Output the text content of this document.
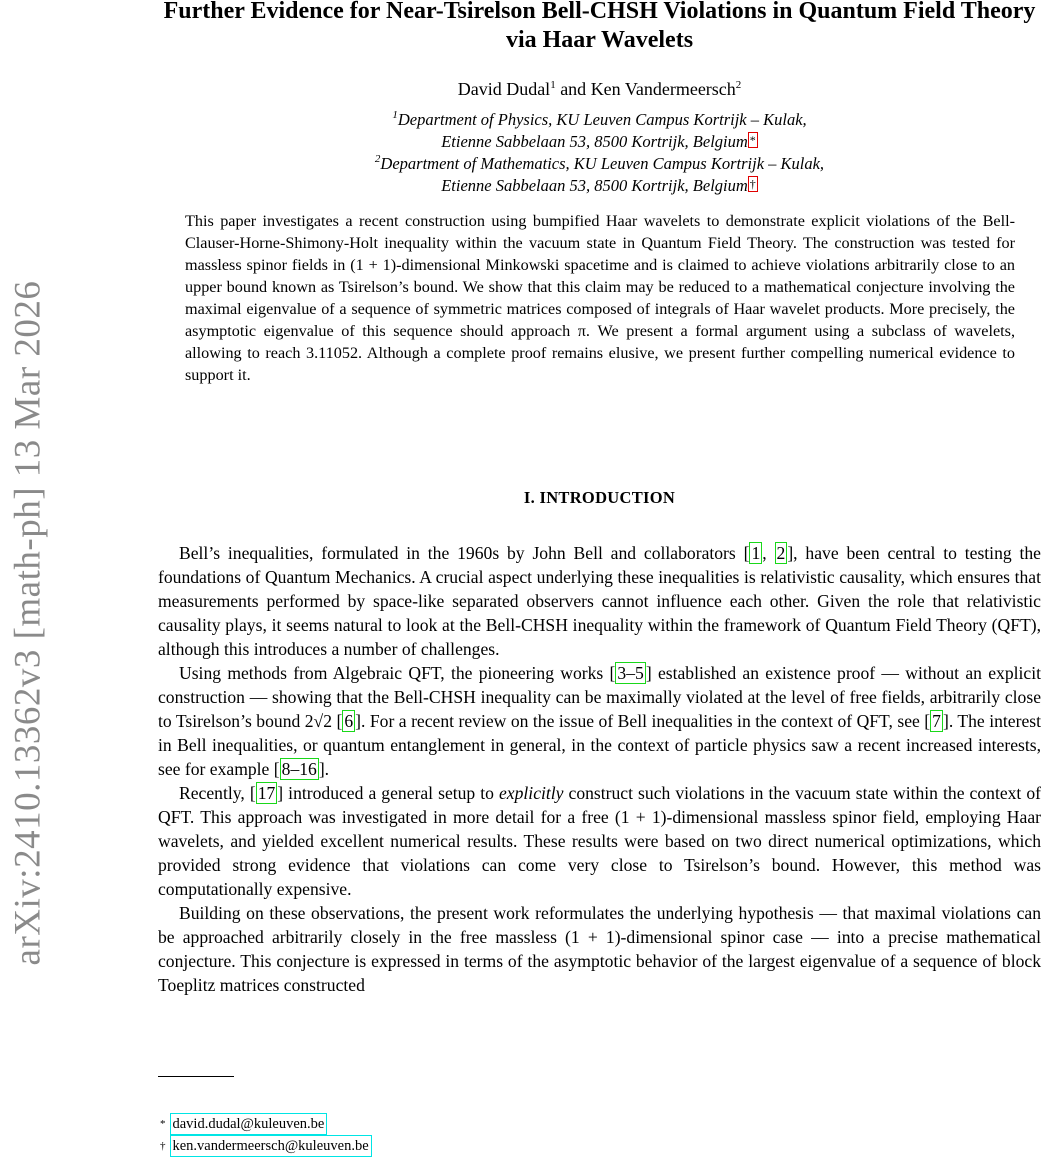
arXiv:2410.13362v3 [math-ph] 13 Mar 2026
Further Evidence for Near-Tsirelson Bell-CHSH Violations in Quantum Field Theory via Haar Wavelets
David Dudal$^1$ and Ken Vandermeersch$^2$
$^1$Department of Physics, KU Leuven Campus Kortrijk – Kulak,
Etienne Sabbelaan 53, 8500 Kortrijk, Belgium *
$^2$Department of Mathematics, KU Leuven Campus Kortrijk – Kulak,
Etienne Sabbelaan 53, 8500 Kortrijk, Belgium †
This paper investigates a recent construction using bumpified Haar wavelets to demonstrate explicit violations of the Bell-Clauser-Horne-Shimony-Holt inequality within the vacuum state in Quantum Field Theory. The construction was tested for massless spinor fields in (1 + 1)-dimensional Minkowski spacetime and is claimed to achieve violations arbitrarily close to an upper bound known as Tsirelson’s bound. We show that this claim may be reduced to a mathematical conjecture involving the maximal eigenvalue of a sequence of symmetric matrices composed of integrals of Haar wavelet products. More precisely, the asymptotic eigenvalue of this sequence should approach π. We present a formal argument using a subclass of wavelets, allowing to reach 3.11052. Although a complete proof remains elusive, we present further compelling numerical evidence to support it.
I. INTRODUCTION

Bell’s inequalities, formulated in the 1960s by John Bell and collaborators [ 1 , 2 ], have been central to testing the foundations of Quantum Mechanics. A crucial aspect underlying these inequalities is relativistic causality, which ensures that measurements performed by space-like separated observers cannot influence each other. Given the role that relativistic causality plays, it seems natural to look at the Bell-CHSH inequality within the framework of Quantum Field Theory (QFT), although this introduces a number of challenges.

Using methods from Algebraic QFT, the pioneering works [ 3–5 ] established an existence proof — without an explicit construction — showing that the Bell-CHSH inequality can be maximally violated at the level of free fields, arbitrarily close to Tsirelson’s bound 2√2 [ 6 ]. For a recent review on the issue of Bell inequalities in the context of QFT, see [ 7 ]. The interest in Bell inequalities, or quantum entanglement in general, in the context of particle physics saw a recent increased interests, see for example [ 8–16 ].

Recently, [ 17 ] introduced a general setup to explicitly construct such violations in the vacuum state within the context of QFT. This approach was investigated in more detail for a free (1 + 1)-dimensional massless spinor field, employing Haar wavelets, and yielded excellent numerical results. These results were based on two direct numerical optimizations, which provided strong evidence that violations can come very close to Tsirelson’s bound. However, this method was computationally expensive.

Building on these observations, the present work reformulates the underlying hypothesis — that maximal violations can be approached arbitrarily closely in the free massless (1 + 1)-dimensional spinor case — into a precise mathematical conjecture. This conjecture is expressed in terms of the asymptotic behavior of the largest eigenvalue of a sequence of block Toeplitz matrices constructed

* david.dudal@kuleuven.be
† ken.vandermeersch@kuleuven.be
